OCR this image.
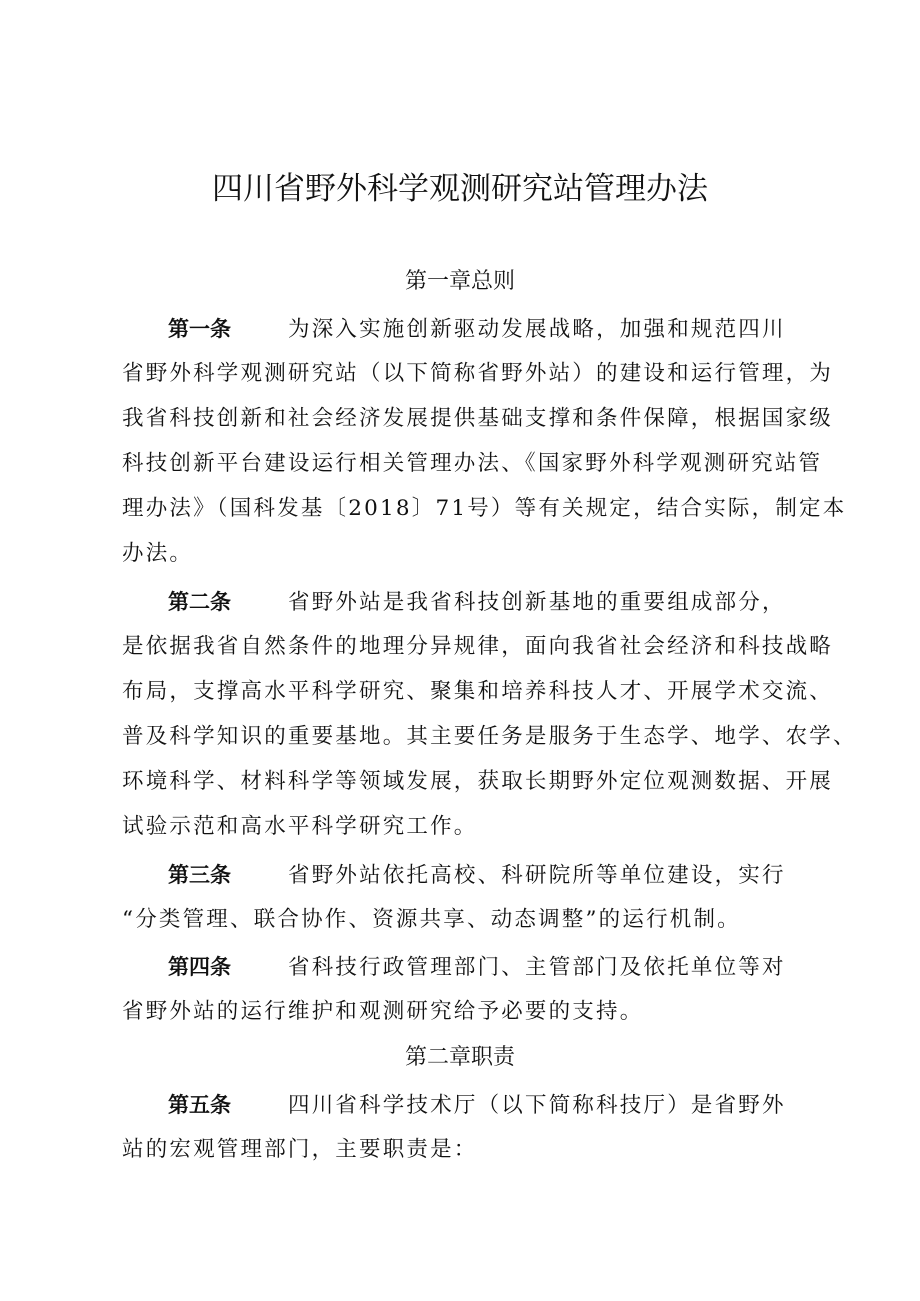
四川省野外科学观测研究站管理办法
第一章总则
第一条	为深入实施创新驱动发展战略，加强和规范四川
省野外科学观测研究站（以下简称省野外站）的建设和运行管理，为
我省科技创新和社会经济发展提供基础支撑和条件保障，根据国家级
科技创新平台建设运行相关管理办法、《国家野外科学观测研究站管
理办法》（国科发基〔2018〕71号）等有关规定，结合实际，制定本
办法。
第二条	省野外站是我省科技创新基地的重要组成部分，
是依据我省自然条件的地理分异规律，面向我省社会经济和科技战略
布局，支撑高水平科学研究、聚集和培养科技人才、开展学术交流、
普及科学知识的重要基地。其主要任务是服务于生态学、地学、农学、
环境科学、材料科学等领域发展，获取长期野外定位观测数据、开展
试验示范和高水平科学研究工作。
第三条	省野外站依托高校、科研院所等单位建设，实行
“分类管理、联合协作、资源共享、动态调整”的运行机制。
第四条	省科技行政管理部门、主管部门及依托单位等对
省野外站的运行维护和观测研究给予必要的支持。
第二章职责
第五条	四川省科学技术厅（以下简称科技厅）是省野外
站的宏观管理部门，主要职责是：
